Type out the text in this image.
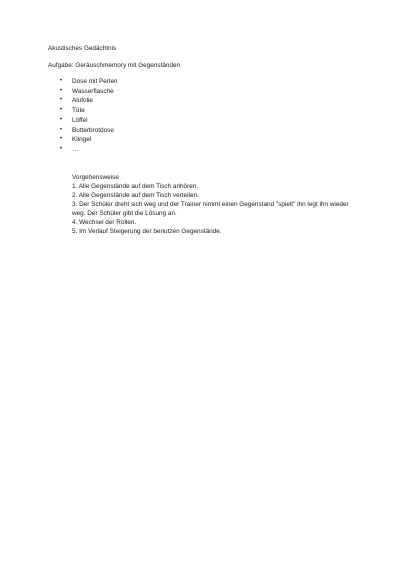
Akustisches Gedächtnis
Aufgabe: Geräuschmemory mit Gegenständen
• Dose mit Perlen
• Wasserflasche
• Alufolie
• Tüte
• Löffel
• Butterbrotdose
• Klingel
• …
Vorgehensweise
1. Alle Gegenstände auf dem Tisch anhören.
2. Alle Gegenstände auf dem Tisch verteilen.
3. Der Schüler dreht sich weg und der Trainer nimmt einen Gegenstand "spielt" ihn legt ihn wieder weg. Der Schüler gibt die Lösung an.
4. Wechsel der Rollen.
5. Im Verlauf Steigerung der benutzen Gegenstände.
